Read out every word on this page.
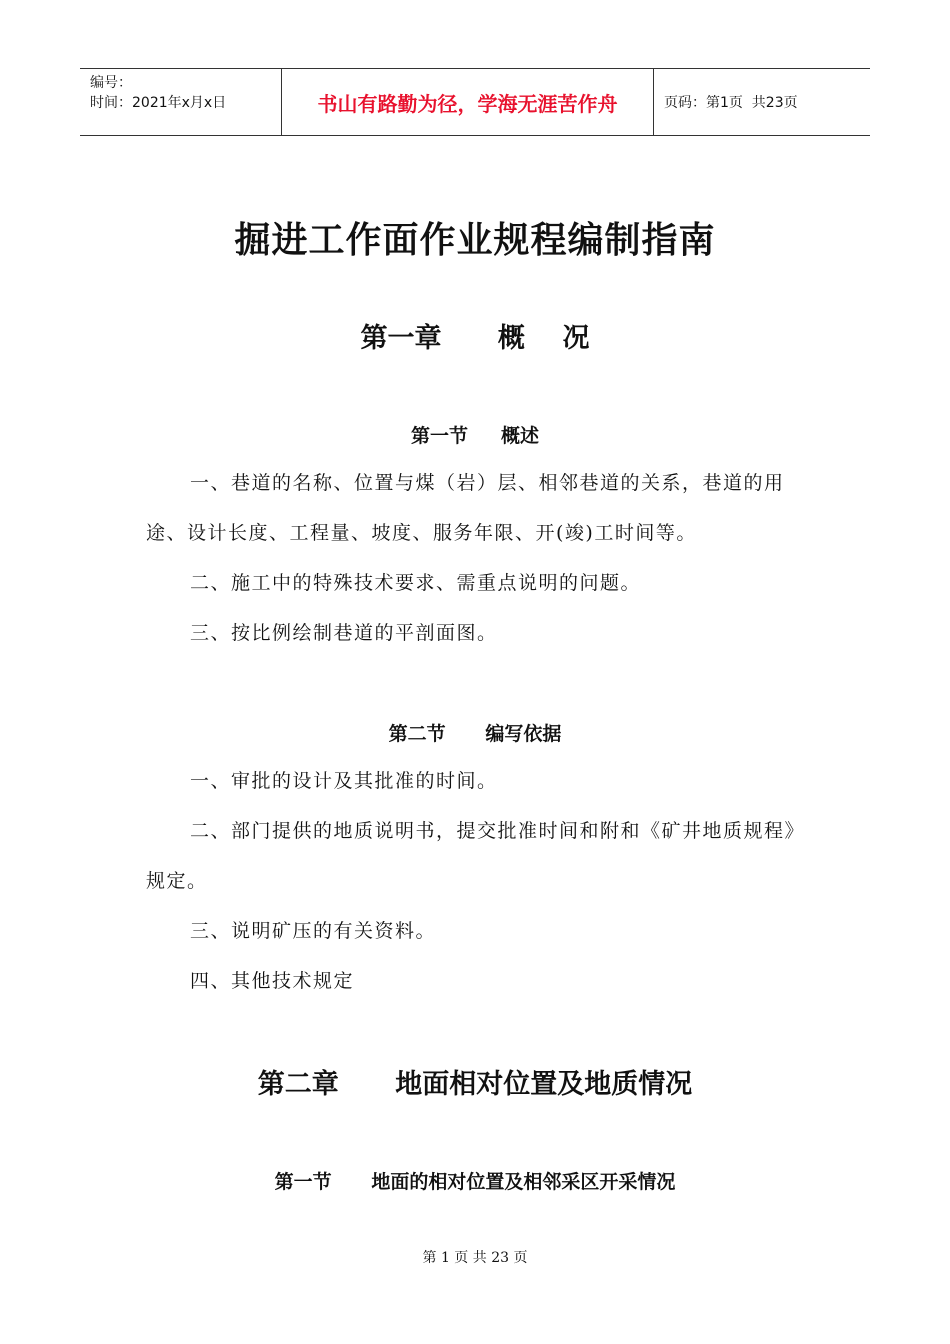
编号：
时间：2021年x月x日	书山有路勤为径，学海无涯苦作舟	页码：第1页  共23页
掘进工作面作业规程编制指南
第一章      概    况
第一节     概述

一、巷道的名称、位置与煤（岩）层、相邻巷道的关系，巷道的用途、设计长度、工程量、坡度、服务年限、开(竣)工时间等。

二、施工中的特殊技术要求、需重点说明的问题。

三、按比例绘制巷道的平剖面图。

第二节      编写依据

一、审批的设计及其批准的时间。

二、部门提供的地质说明书，提交批准时间和附和《矿井地质规程》规定。

三、说明矿压的有关资料。

四、其他技术规定

第二章      地面相对位置及地质情况
第一节      地面的相对位置及相邻采区开采情况
第 1 页 共 23 页
